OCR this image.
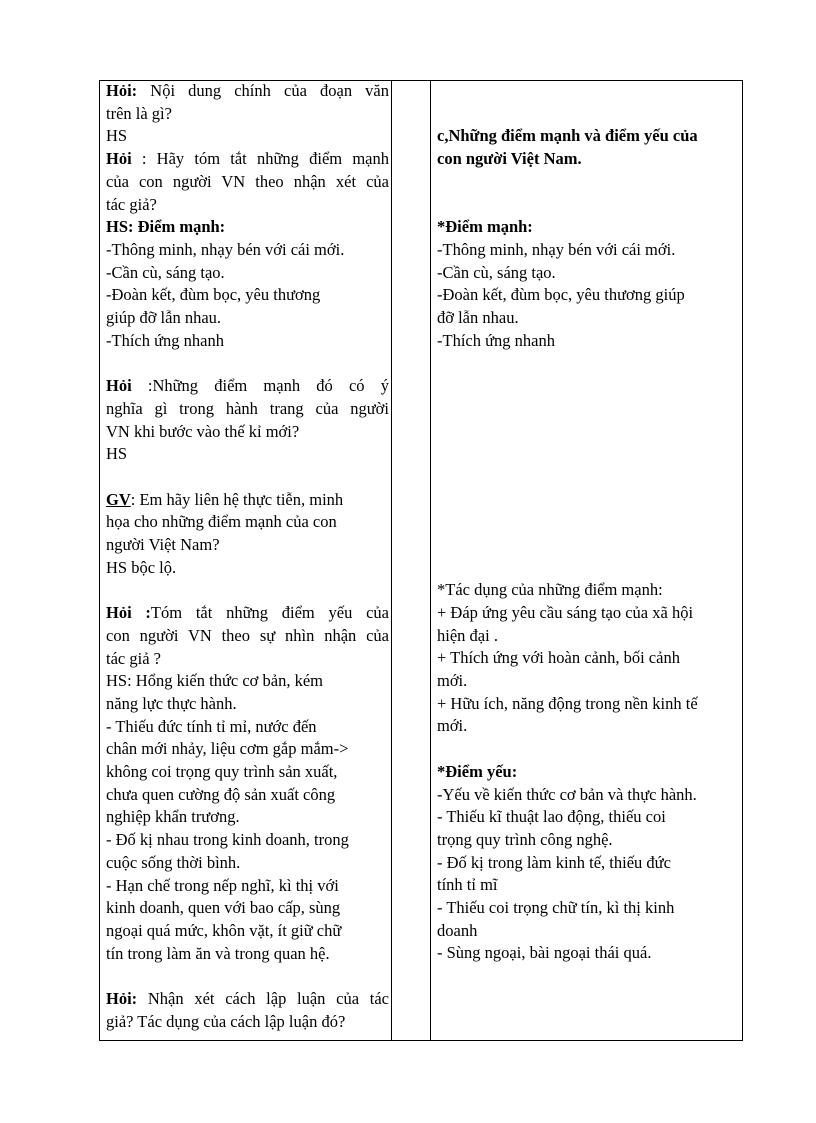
Hỏi: Nội dung chính của đoạn văn
trên là gì?
HS
Hỏi : Hãy tóm tắt những điểm mạnh
của con người VN theo nhận xét của
tác giả?
HS: Điểm mạnh:
-Thông minh, nhạy bén với cái mới.
-Cần cù, sáng tạo.
-Đoàn kết, đùm bọc, yêu thương
giúp đỡ lẫn nhau.
-Thích ứng nhanh
Hỏi :Những điểm mạnh đó có ý
nghĩa gì trong hành trang của người
VN khi bước vào thế kỉ mới?
HS
GV: Em hãy liên hệ thực tiễn, minh
họa cho những điểm mạnh của con
người Việt Nam?
HS bộc lộ.
Hỏi :Tóm tắt những điểm yếu của
con người VN theo sự nhìn nhận của
tác giả ?
HS: Hổng kiến thức cơ bản, kém
năng lực thực hành.
- Thiếu đức tính tỉ mỉ, nước đến
chân mới nhảy, liệu cơm gắp mắm->
không coi trọng quy trình sản xuất,
chưa quen cường độ sản xuất công
nghiệp khẩn trương.
- Đố kị nhau trong kinh doanh, trong
cuộc sống thời bình.
- Hạn chế trong nếp nghĩ, kì thị với
kinh doanh, quen với bao cấp, sùng
ngoại quá mức, khôn vặt, ít giữ chữ
tín trong làm ăn và trong quan hệ.
Hỏi: Nhận xét cách lập luận của tác
giả? Tác dụng của cách lập luận đó?
c,Những điểm mạnh và điểm yếu của
con người Việt Nam.
*Điểm mạnh:
-Thông minh, nhạy bén với cái mới.
-Cần cù, sáng tạo.
-Đoàn kết, đùm bọc, yêu thương giúp
đỡ lẫn nhau.
-Thích ứng nhanh
*Tác dụng của những điểm mạnh:
+ Đáp ứng yêu cầu sáng tạo của xã hội
hiện đại .
+ Thích ứng với hoàn cảnh, bối cảnh
mới.
+ Hữu ích, năng động trong nền kinh tế
mới.
*Điểm yếu:
-Yếu về kiến thức cơ bản và thực hành.
- Thiếu kĩ thuật lao động, thiếu coi
trọng quy trình công nghệ.
- Đố kị trong làm kinh tế, thiếu đức
tính tỉ mĩ
- Thiếu coi trọng chữ tín, kì thị kinh
doanh
- Sùng ngoại, bài ngoại thái quá.
